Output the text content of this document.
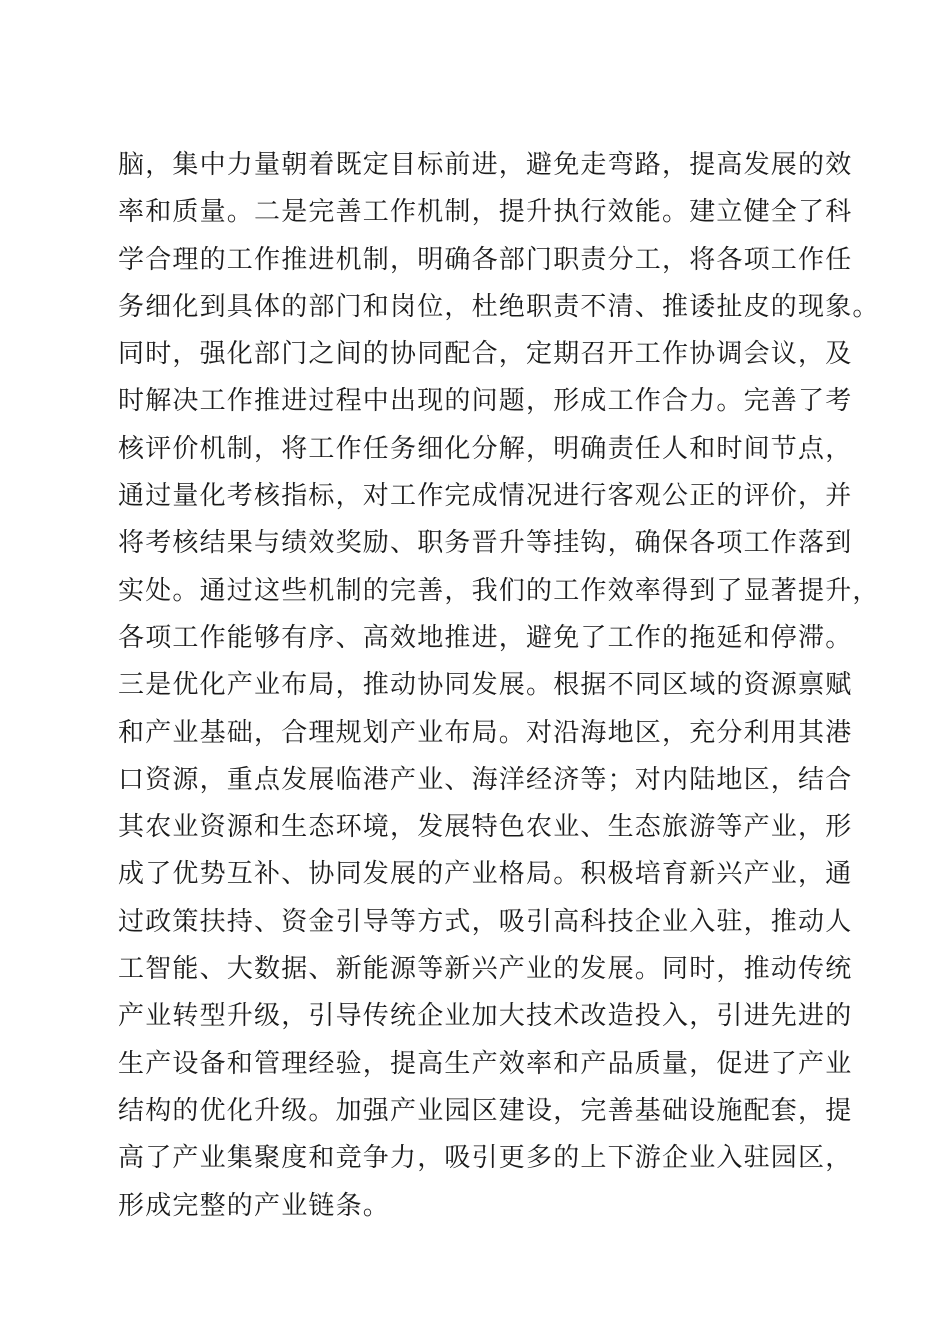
脑，集中力量朝着既定目标前进，避免走弯路，提高发展的效
率和质量。二是完善工作机制，提升执行效能。建立健全了科
学合理的工作推进机制，明确各部门职责分工，将各项工作任
务细化到具体的部门和岗位，杜绝职责不清、推诿扯皮的现象。
同时，强化部门之间的协同配合，定期召开工作协调会议，及
时解决工作推进过程中出现的问题，形成工作合力。完善了考
核评价机制，将工作任务细化分解，明确责任人和时间节点，
通过量化考核指标，对工作完成情况进行客观公正的评价，并
将考核结果与绩效奖励、职务晋升等挂钩，确保各项工作落到
实处。通过这些机制的完善，我们的工作效率得到了显著提升，
各项工作能够有序、高效地推进，避免了工作的拖延和停滞。
三是优化产业布局，推动协同发展。根据不同区域的资源禀赋
和产业基础，合理规划产业布局。对沿海地区，充分利用其港
口资源，重点发展临港产业、海洋经济等；对内陆地区，结合
其农业资源和生态环境，发展特色农业、生态旅游等产业，形
成了优势互补、协同发展的产业格局。积极培育新兴产业，通
过政策扶持、资金引导等方式，吸引高科技企业入驻，推动人
工智能、大数据、新能源等新兴产业的发展。同时，推动传统
产业转型升级，引导传统企业加大技术改造投入，引进先进的
生产设备和管理经验，提高生产效率和产品质量，促进了产业
结构的优化升级。加强产业园区建设，完善基础设施配套，提
高了产业集聚度和竞争力，吸引更多的上下游企业入驻园区，
形成完整的产业链条。
